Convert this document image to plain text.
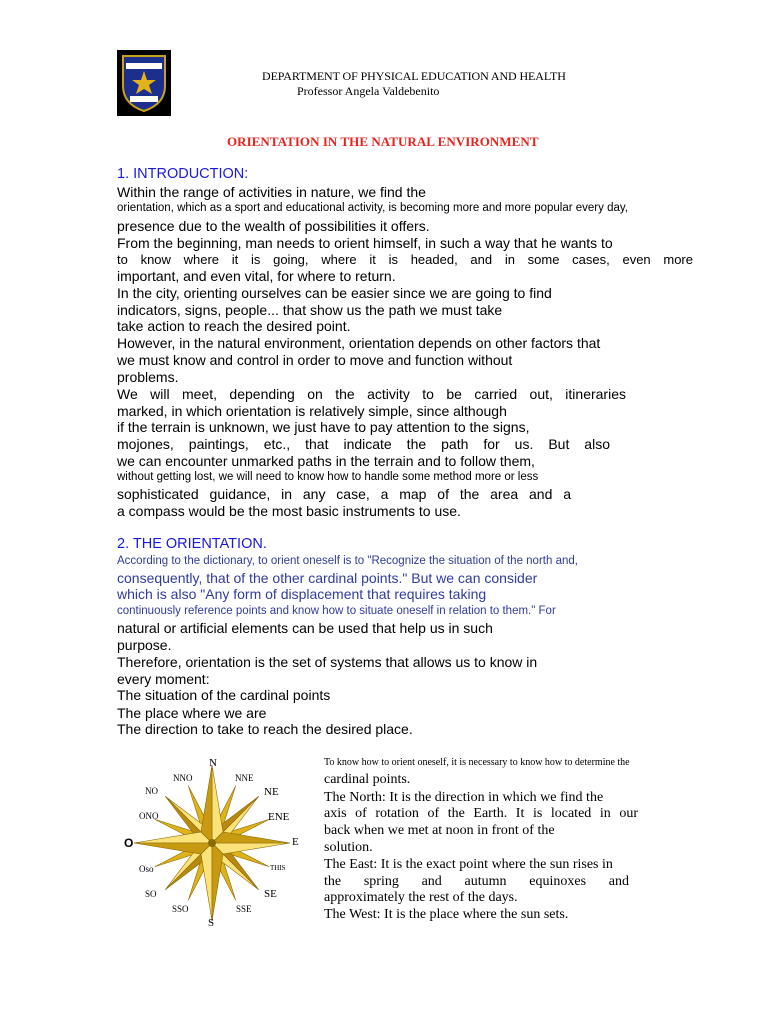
DEPARTMENT OF PHYSICAL EDUCATION AND HEALTH
Professor Angela Valdebenito
ORIENTATION IN THE NATURAL ENVIRONMENT
1. INTRODUCTION:
Within the range of activities in nature, we find the
orientation, which as a sport and educational activity, is becoming more and more popular every day,
presence due to the wealth of possibilities it offers.
From the beginning, man needs to orient himself, in such a way that he wants to
to know where it is going, where it is headed, and in some cases, even more
important, and even vital, for where to return.
In the city, orienting ourselves can be easier since we are going to find
indicators, signs, people... that show us the path we must take
take action to reach the desired point.
However, in the natural environment, orientation depends on other factors that
we must know and control in order to move and function without
problems.
We will meet, depending on the activity to be carried out, itineraries
marked, in which orientation is relatively simple, since although
if the terrain is unknown, we just have to pay attention to the signs,
mojones, paintings, etc., that indicate the path for us. But also
we can encounter unmarked paths in the terrain and to follow them,
without getting lost, we will need to know how to handle some method more or less
sophisticated guidance, in any case, a map of the area and a
a compass would be the most basic instruments to use.
2. THE ORIENTATION.
According to the dictionary, to orient oneself is to "Recognize the situation of the north and,
consequently, that of the other cardinal points." But we can consider
which is also "Any form of displacement that requires taking
continuously reference points and know how to situate oneself in relation to them." For
natural or artificial elements can be used that help us in such
purpose.
Therefore, orientation is the set of systems that allows us to know in
every moment:
The situation of the cardinal points
The place where we are
The direction to take to reach the desired place.
N
NNO	NNE
NO	NE
ONO	ENE
O	E
Oso	THIS
SO	SE
SSO	SSE
S
To know how to orient oneself, it is necessary to know how to determine the
cardinal points.
The North: It is the direction in which we find the
axis of rotation of the Earth. It is located in our
back when we met at noon in front of the
solution.
The East: It is the exact point where the sun rises in
the spring and autumn equinoxes and
approximately the rest of the days.
The West: It is the place where the sun sets.
